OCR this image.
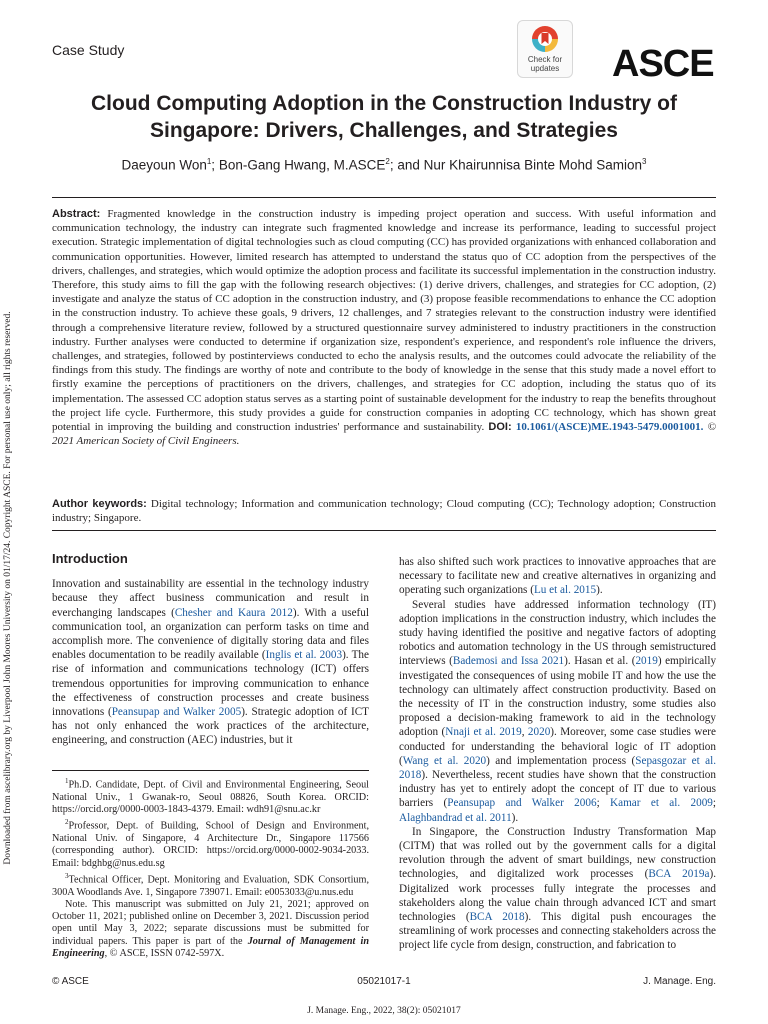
Case Study
Check for updates	ASCE
Cloud Computing Adoption in the Construction Industry of
Singapore: Drivers, Challenges, and Strategies
Daeyoun Won$^1$; Bon-Gang Hwang, M.ASCE$^2$; and Nur Khairunnisa Binte Mohd Samion$^3$
Abstract: Fragmented knowledge in the construction industry is impeding project operation and success. With useful information and communication technology, the industry can integrate such fragmented knowledge and increase its performance, leading to successful project execution. Strategic implementation of digital technologies such as cloud computing (CC) has provided organizations with enhanced collaboration and communication opportunities. However, limited research has attempted to understand the status quo of CC adoption from the perspectives of the drivers, challenges, and strategies, which would optimize the adoption process and facilitate its successful implementation in the construction industry. Therefore, this study aims to fill the gap with the following research objectives: (1) derive drivers, challenges, and strategies for CC adoption, (2) investigate and analyze the status of CC adoption in the construction industry, and (3) propose feasible recommendations to enhance the CC adoption in the construction industry. To achieve these goals, 9 drivers, 12 challenges, and 7 strategies relevant to the construction industry were identified through a comprehensive literature review, followed by a structured questionnaire survey administered to industry practitioners in the construction industry. Further analyses were conducted to determine if organization size, respondent's experience, and respondent's role influence the drivers, challenges, and strategies, followed by postinterviews conducted to echo the analysis results, and the outcomes could advocate the reliability of the findings from this study. The findings are worthy of note and contribute to the body of knowledge in the sense that this study made a novel effort to firstly examine the perceptions of practitioners on the drivers, challenges, and strategies for CC adoption, including the status quo of its implementation. The assessed CC adoption status serves as a starting point of sustainable development for the industry to reap the benefits throughout the project life cycle. Furthermore, this study provides a guide for construction companies in adopting CC technology, which has shown great potential in improving the building and construction industries' performance and sustainability. DOI: 10.1061/(ASCE)ME.1943-5479.0001001. © 2021 American Society of Civil Engineers.
Author keywords: Digital technology; Information and communication technology; Cloud computing (CC); Technology adoption; Construction industry; Singapore.
Downloaded from ascelibrary.org by Liverpool John Moores University on 01/17/24. Copyright ASCE. For personal use only; all rights reserved.	Introduction

Innovation and sustainability are essential in the technology industry because they affect business communication and result in everchanging landscapes (Chesher and Kaura 2012). With a useful communication tool, an organization can perform tasks on time and accomplish more. The convenience of digitally storing data and files enables documentation to be readily available (Inglis et al. 2003). The rise of information and communications technology (ICT) offers tremendous opportunities for improving communication to enhance the effectiveness of construction processes and create business innovations (Peansupap and Walker 2005). Strategic adoption of ICT has not only enhanced the work practices of the architecture, engineering, and construction (AEC) industries, but it

$^1$Ph.D. Candidate, Dept. of Civil and Environmental Engineering, Seoul National Univ., 1 Gwanak-ro, Seoul 08826, South Korea. ORCID: https://orcid.org/0000-0003-1843-4379. Email: wdh91@snu.ac.kr

$^2$Professor, Dept. of Building, School of Design and Environment, National Univ. of Singapore, 4 Architecture Dr., Singapore 117566 (corresponding author). ORCID: https://orcid.org/0000-0002-9034-2033. Email: bdghbg@nus.edu.sg

$^3$Technical Officer, Dept. Monitoring and Evaluation, SDK Consortium, 300A Woodlands Ave. 1, Singapore 739071. Email: e0053033@u.nus.edu

Note. This manuscript was submitted on July 21, 2021; approved on October 11, 2021; published online on December 3, 2021. Discussion period open until May 3, 2022; separate discussions must be submitted for individual papers. This paper is part of the Journal of Management in Engineering, © ASCE, ISSN 0742-597X.

has also shifted such work practices to innovative approaches that are necessary to facilitate new and creative alternatives in organizing and operating such organizations (Lu et al. 2015).

Several studies have addressed information technology (IT) adoption implications in the construction industry, which includes the study having identified the positive and negative factors of adopting robotics and automation technology in the US through semistructured interviews (Bademosi and Issa 2021). Hasan et al. (2019) empirically investigated the consequences of using mobile IT and how the use the technology can ultimately affect construction productivity. Based on the necessity of IT in the construction industry, some studies also proposed a decision-making framework to aid in the technology adoption (Nnaji et al. 2019, 2020). Moreover, some case studies were conducted for understanding the behavioral logic of IT adoption (Wang et al. 2020) and implementation process (Sepasgozar et al. 2018). Nevertheless, recent studies have shown that the construction industry has yet to entirely adopt the concept of IT due to various barriers (Peansupap and Walker 2006; Kamar et al. 2009; Alaghbandrad et al. 2011).

In Singapore, the Construction Industry Transformation Map (CITM) that was rolled out by the government calls for a digital revolution through the advent of smart buildings, new construction technologies, and digitalized work processes (BCA 2019a). Digitalized work processes fully integrate the processes and stakeholders along the value chain through advanced ICT and smart technologies (BCA 2018). This digital push encourages the streamlining of work processes and connecting stakeholders across the project life cycle from design, construction, and fabrication to

© ASCE	05021017-1	J. Manage. Eng.
J. Manage. Eng., 2022, 38(2): 05021017
